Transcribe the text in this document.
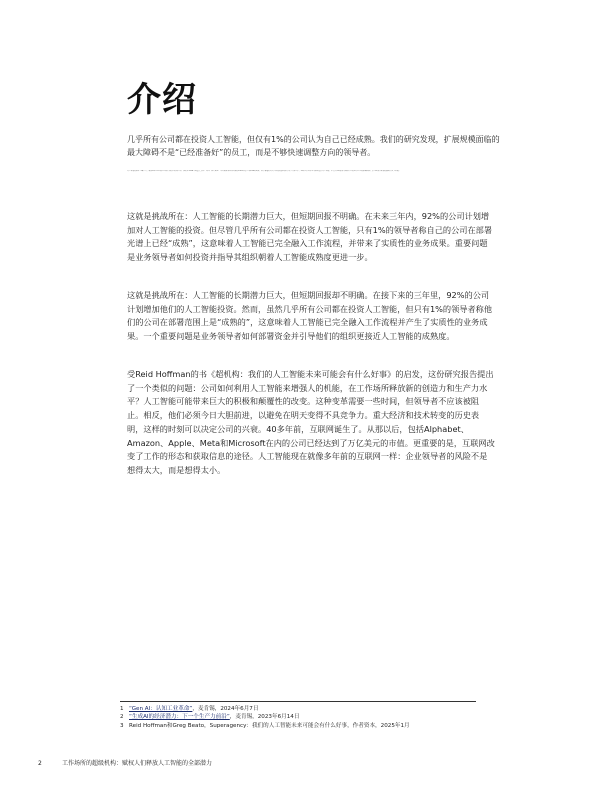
介绍

几乎所有公司都在投资人工智能，但仅有1%的公司认为自己已经成熟。我们的研究发现，扩展规模面临的最大障碍不是“已经准备好”的员工，而是不够快速调整方向的领导者。

人工智能的潜在力量巨大，就像20世纪初的电力和后来的互联网一样。我们在2024年调查了美国、英国、澳大利亚、印度和新加坡等国家的3,613名员工和238名高管，以了解他们对人工智能的态度和行动。结果显示，虽然几乎所有公司都在投资人工智能，但只有1%的领导者称自己的公司已达到成熟阶段。员工比领导者更愿意使用人工智能。

这就是挑战所在：人工智能的长期潜力巨大，但短期回报不明确。在未来三年内，92%的公司计划增加对人工智能的投资。但尽管几乎所有公司都在投资人工智能，只有1%的领导者称自己的公司在部署光谱上已经“成熟”，这意味着人工智能已完全融入工作流程，并带来了实质性的业务成果。重要问题是业务领导者如何投资并指导其组织朝着人工智能成熟度更进一步。

这就是挑战所在：人工智能的长期潜力巨大，但短期回报却不明确。在接下来的三年里，92%的公司计划增加他们的人工智能投资。然而，虽然几乎所有公司都在投资人工智能，但只有1%的领导者称他们的公司在部署范围上是“成熟的”，这意味着人工智能已完全融入工作流程并产生了实质性的业务成果。一个重要问题是业务领导者如何部署资金并引导他们的组织更接近人工智能的成熟度。

受Reid Hoffman的书《超机构：我们的人工智能未来可能会有什么好事》的启发，这份研究报告提出了一个类似的问题：公司如何利用人工智能来增强人的机能，在工作场所释放新的创造力和生产力水平？人工智能可能带来巨大的积极和颠覆性的改变。这种变革需要一些时间，但领导者不应该被阻止。相反，他们必须今日大胆前进，以避免在明天变得不具竞争力。重大经济和技术转变的历史表明，这样的时刻可以决定公司的兴衰。40多年前，互联网诞生了。从那以后，包括Alphabet、Amazon、Apple、Meta和Microsoft在内的公司已经达到了万亿美元的市值。更重要的是，互联网改变了工作的形态和获取信息的途径。人工智能现在就像多年前的互联网一样：企业领导者的风险不是想得太大，而是想得太小。

1 “Gen AI：认知工业革命”，麦肯锡，2024年6月7日
2 “生成AI的经济潜力：下一个生产力前沿”，麦肯锡，2023年6月14日
3 Reid Hoffman和Greg Beato，Superagency：我们的人工智能未来可能会有什么好事，作者资本，2025年1月
2	工作场所的超级机构：赋权人们释放人工智能的全部潜力
